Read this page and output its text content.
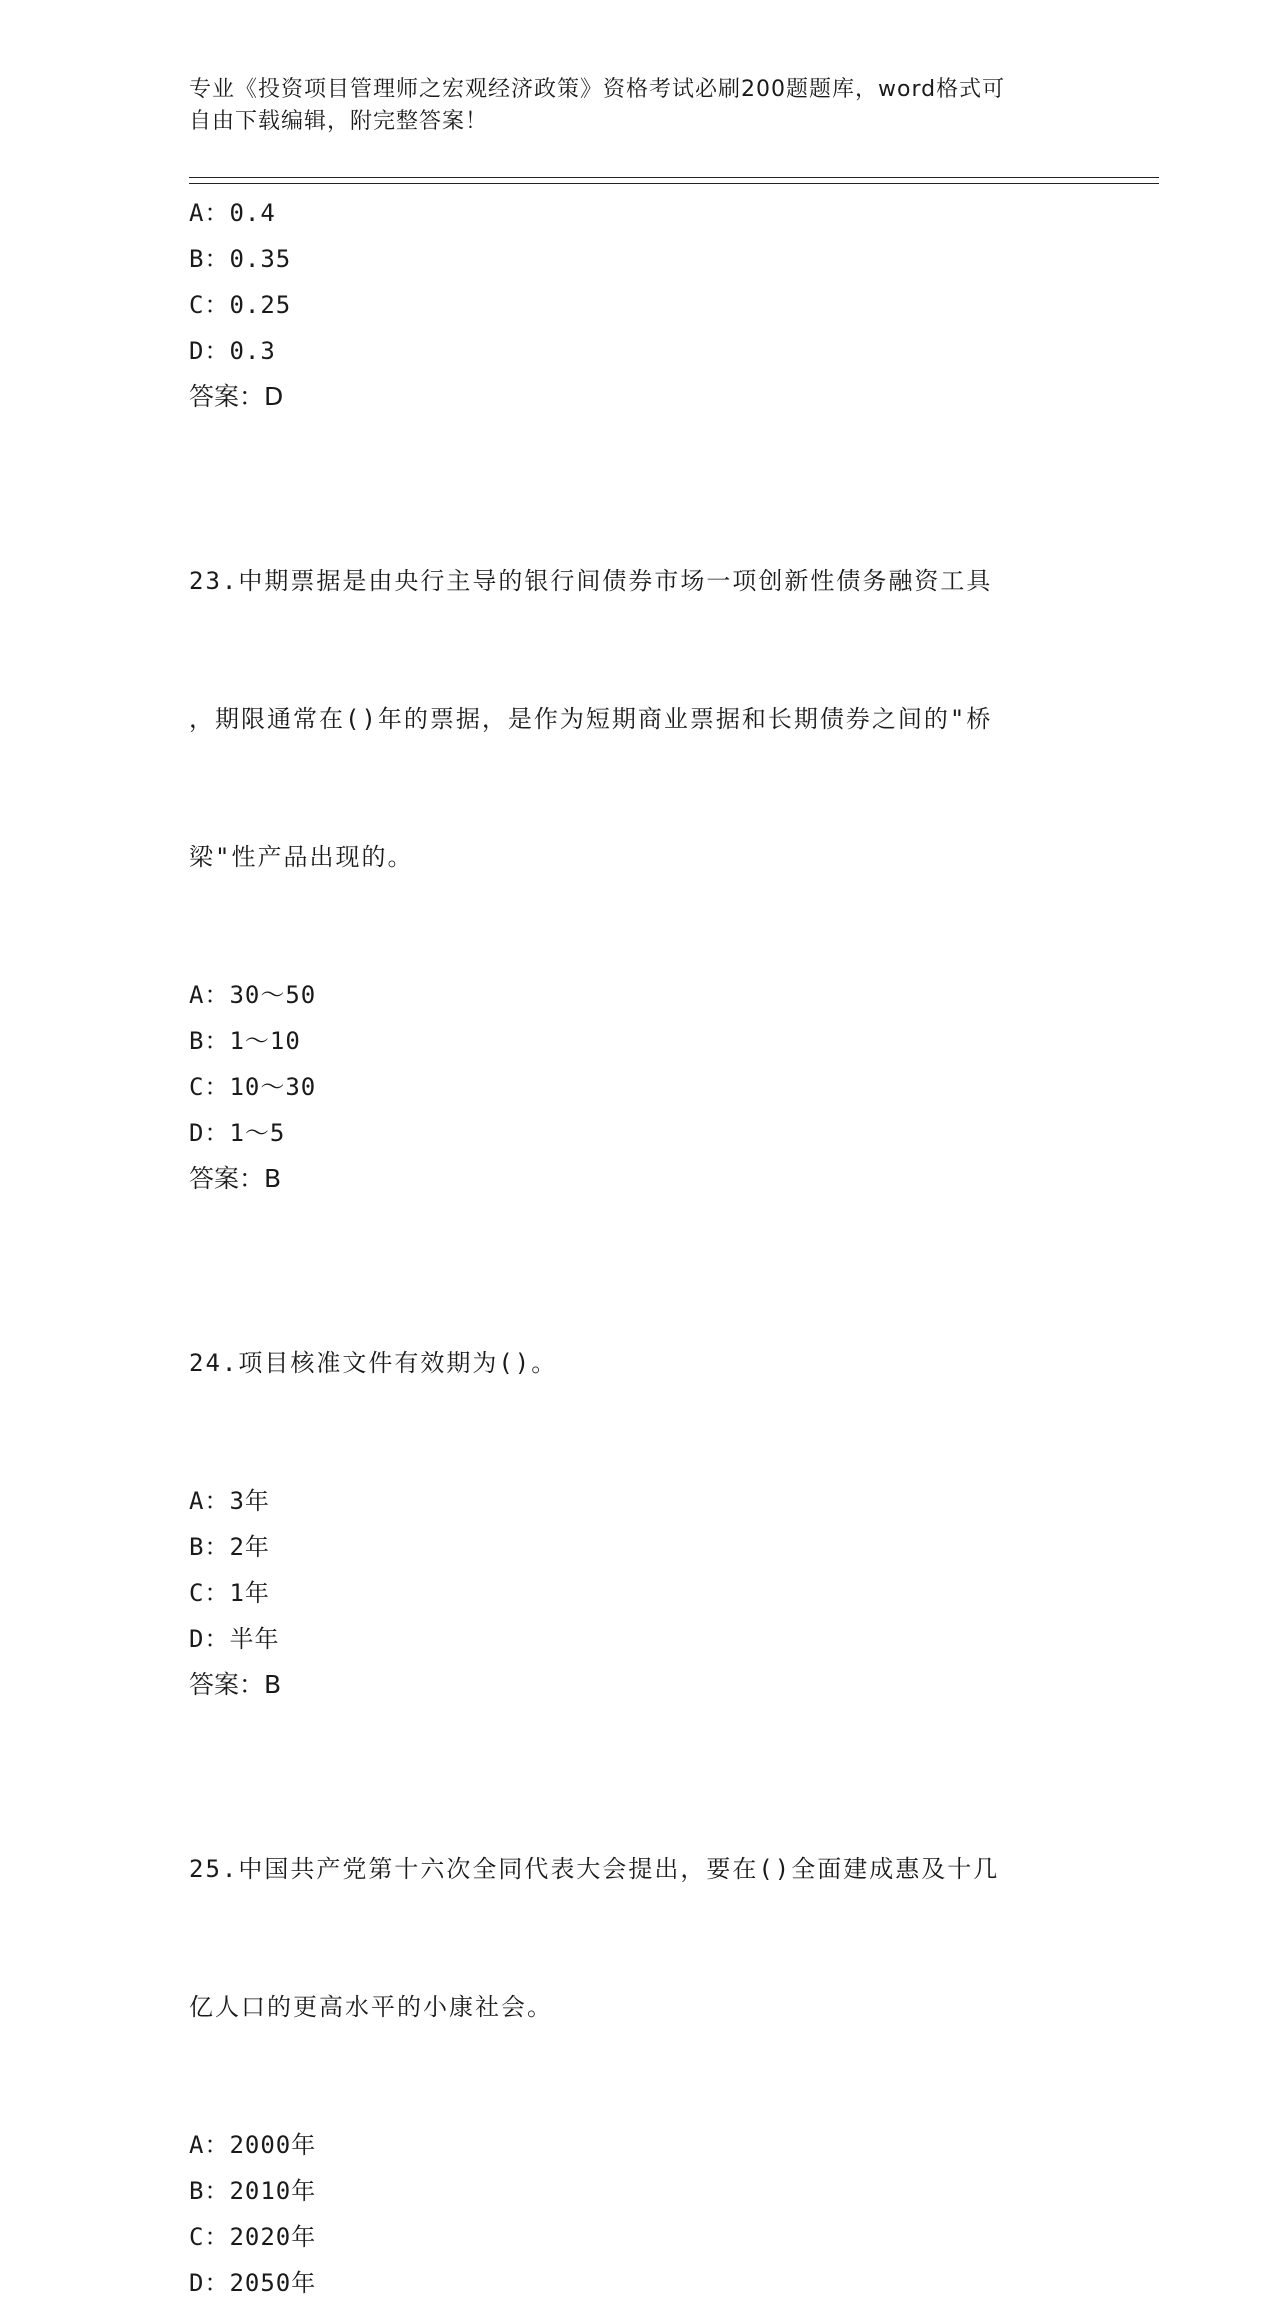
专业《投资项目管理师之宏观经济政策》资格考试必刷200题题库，word格式可
自由下载编辑，附完整答案！
A：0.4
B：0.35
C：0.25
D：0.3
答案：D

23.中期票据是由央行主导的银行间债券市场一项创新性债务融资工具

，期限通常在()年的票据，是作为短期商业票据和长期债券之间的"桥

梁"性产品出现的。

A：30～50
B：1～10
C：10～30
D：1～5
答案：B

24.项目核准文件有效期为()。

A：3年
B：2年
C：1年
D：半年
答案：B

25.中国共产党第十六次全同代表大会提出，要在()全面建成惠及十几

亿人口的更高水平的小康社会。

A：2000年
B：2010年
C：2020年
D：2050年
